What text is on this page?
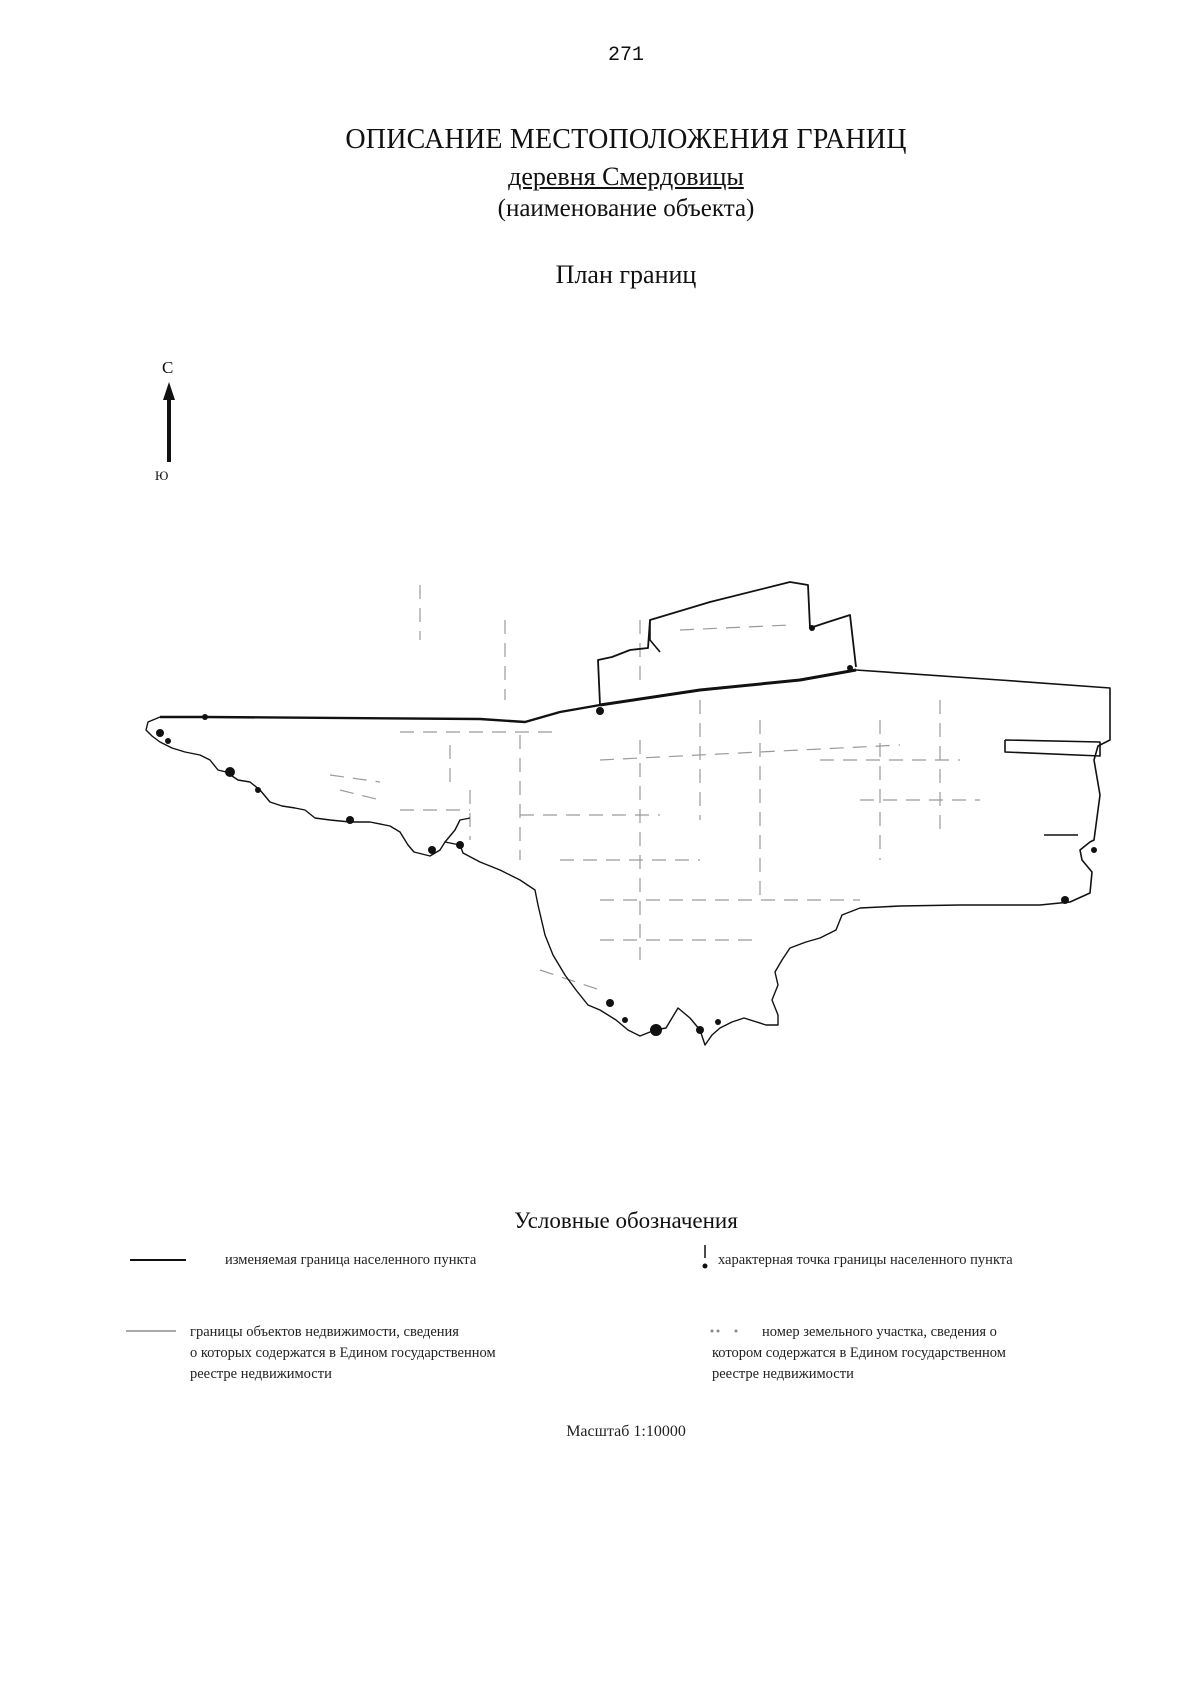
271
ОПИСАНИЕ МЕСТОПОЛОЖЕНИЯ ГРАНИЦ
деревня Смердовицы
(наименование объекта)
План границ
С
Ю
Условные обозначения
изменяемая граница населенного пункта	характерная точка границы населенного пункта
границы объектов недвижимости, сведения
о которых содержатся в Едином государственном
реестре недвижимости
номер земельного участка, сведения о
котором содержатся в Едином государственном
реестре недвижимости
Масштаб 1:10000
